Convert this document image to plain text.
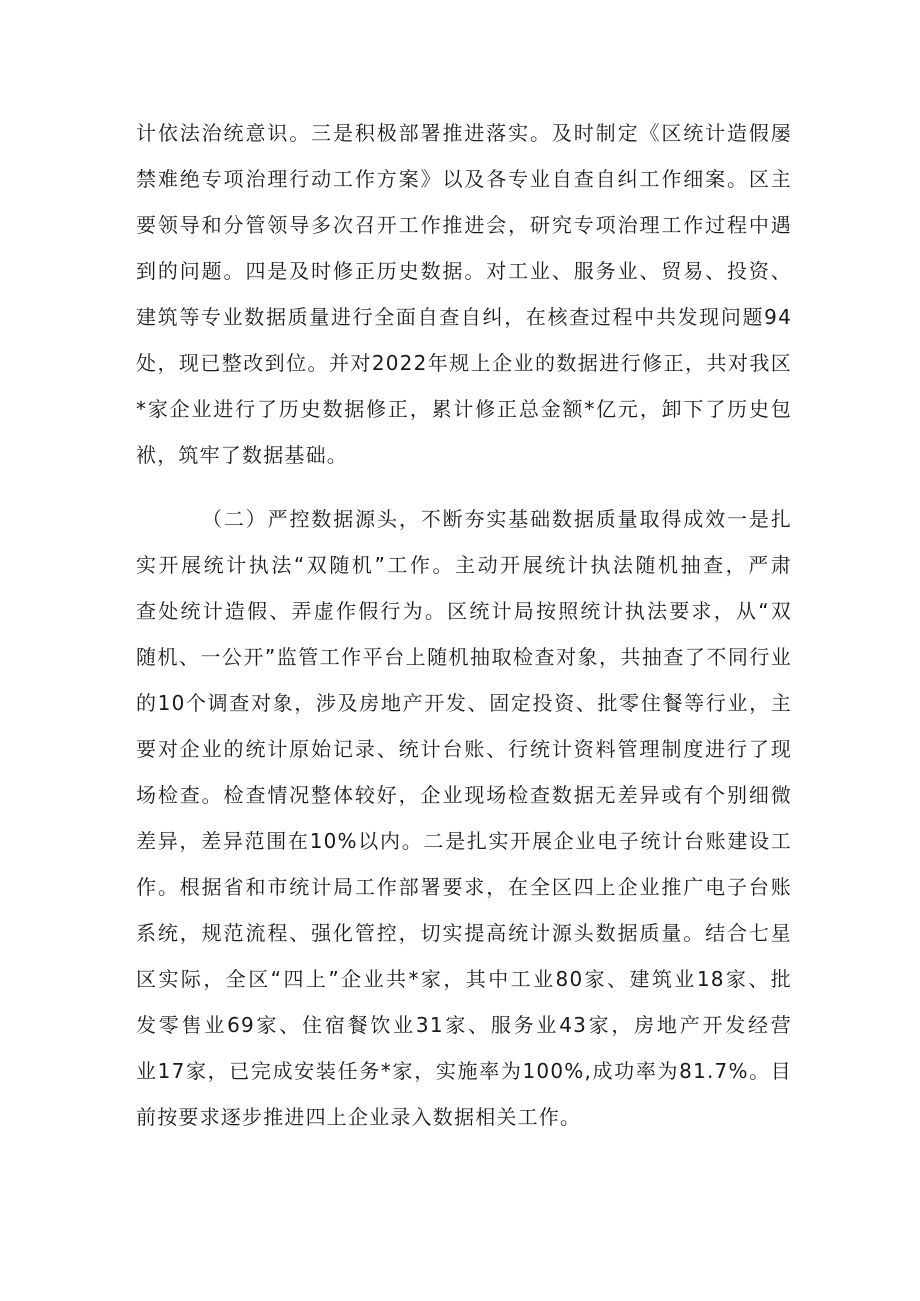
计依法治统意识。三是积极部署推进落实。及时制定《区统计造假屡
禁难绝专项治理行动工作方案》以及各专业自查自纠工作细案。区主
要领导和分管领导多次召开工作推进会，研究专项治理工作过程中遇
到的问题。四是及时修正历史数据。对工业、服务业、贸易、投资、
建筑等专业数据质量进行全面自查自纠，在核查过程中共发现问题94
处，现已整改到位。并对2022年规上企业的数据进行修正，共对我区
*家企业进行了历史数据修正，累计修正总金额*亿元，卸下了历史包
袱，筑牢了数据基础。
（二）严控数据源头，不断夯实基础数据质量取得成效一是扎
实开展统计执法“双随机”工作。主动开展统计执法随机抽查，严肃
查处统计造假、弄虚作假行为。区统计局按照统计执法要求，从“双
随机、一公开”监管工作平台上随机抽取检查对象，共抽查了不同行业
的10个调查对象，涉及房地产开发、固定投资、批零住餐等行业，主
要对企业的统计原始记录、统计台账、行统计资料管理制度进行了现
场检查。检查情况整体较好，企业现场检查数据无差异或有个别细微
差异，差异范围在10%以内。二是扎实开展企业电子统计台账建设工
作。根据省和市统计局工作部署要求，在全区四上企业推广电子台账
系统，规范流程、强化管控，切实提高统计源头数据质量。结合七星
区实际，全区“四上”企业共*家，其中工业80家、建筑业18家、批
发零售业69家、住宿餐饮业31家、服务业43家，房地产开发经营
业17家，已完成安装任务*家，实施率为100%,成功率为81.7%。目
前按要求逐步推进四上企业录入数据相关工作。
